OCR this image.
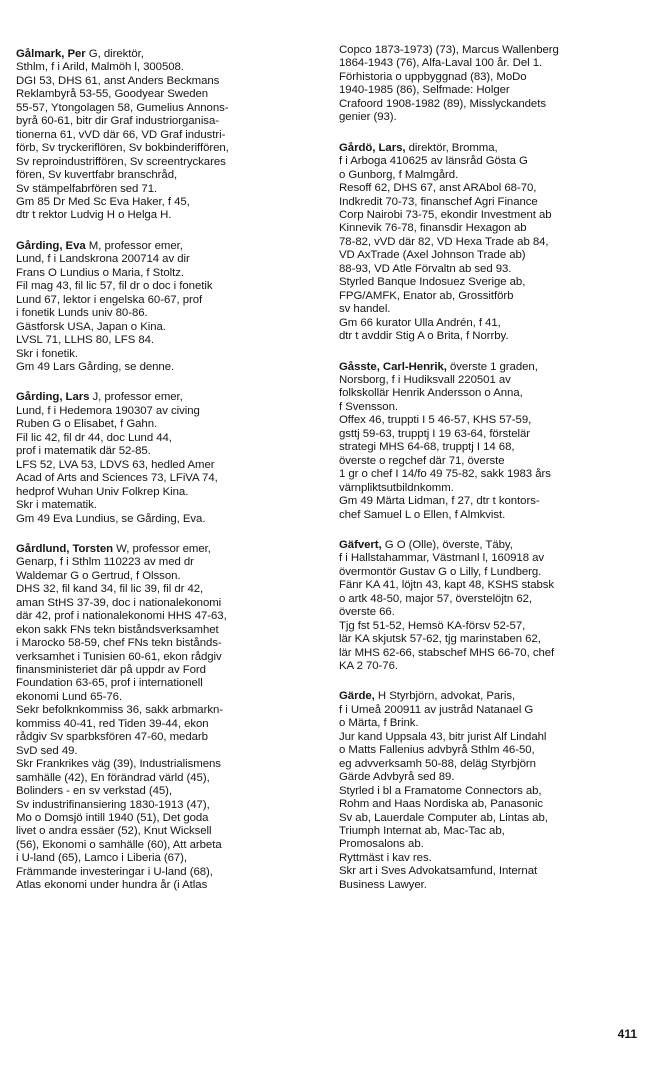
Gålmark, Per G, direktör,
Sthlm, f i Arild, Malmöh l, 300508.
DGI 53, DHS 61, anst Anders Beckmans
Reklambyrå 53-55, Goodyear Sweden
55-57, Ytongolagen 58, Gumelius Annons-
byrå 60-61, bitr dir Graf industriorganisa-
tionerna 61, vVD där 66, VD Graf industri-
förb, Sv tryckeriflören, Sv bokbinderiffören,
Sv reproindustriffören, Sv screentryckares
fören, Sv kuvertfabr branschråd,
Sv stämpelfabrfören sed 71.
Gm 85 Dr Med Sc Eva Haker, f 45,
dtr t rektor Ludvig H o Helga H.
Gårding, Eva M, professor emer,
Lund, f i Landskrona 200714 av dir
Frans O Lundius o Maria, f Stoltz.
Fil mag 43, fil lic 57, fil dr o doc i fonetik
Lund 67, lektor i engelska 60-67, prof
i fonetik Lunds univ 80-86.
Gästforsk USA, Japan o Kina.
LVSL 71, LLHS 80, LFS 84.
Skr i fonetik.
Gm 49 Lars Gårding, se denne.
Gårding, Lars J, professor emer,
Lund, f i Hedemora 190307 av civing
Ruben G o Elisabet, f Gahn.
Fil lic 42, fil dr 44, doc Lund 44,
prof i matematik där 52-85.
LFS 52, LVA 53, LDVS 63, hedled Amer
Acad of Arts and Sciences 73, LFiVA 74,
hedprof Wuhan Univ Folkrep Kina.
Skr i matematik.
Gm 49 Eva Lundius, se Gårding, Eva.
Gårdlund, Torsten W, professor emer,
Genarp, f i Sthlm 110223 av med dr
Waldemar G o Gertrud, f Olsson.
DHS 32, fil kand 34, fil lic 39, fil dr 42,
aman StHS 37-39, doc i nationalekonomi
där 42, prof i nationalekonomi HHS 47-63,
ekon sakk FNs tekn biståndsverksamhet
i Marocko 58-59, chef FNs tekn bistånds-
verksamhet i Tunisien 60-61, ekon rådgiv
finansministeriet där på uppdr av Ford
Foundation 63-65, prof i internationell
ekonomi Lund 65-76.
Sekr befolknkommiss 36, sakk arbmarkn-
kommiss 40-41, red Tiden 39-44, ekon
rådgiv Sv sparbksfören 47-60, medarb
SvD sed 49.
Skr Frankrikes väg (39), Industrialismens
samhälle (42), En förändrad värld (45),
Bolinders - en sv verkstad (45),
Sv industrifinansiering 1830-1913 (47),
Mo o Domsjö intill 1940 (51), Det goda
livet o andra essäer (52), Knut Wicksell
(56), Ekonomi o samhälle (60), Att arbeta
i U-land (65), Lamco i Liberia (67),
Främmande investeringar i U-land (68),
Atlas ekonomi under hundra år (i Atlas
Copco 1873-1973) (73), Marcus Wallenberg
1864-1943 (76), Alfa-Laval 100 år. Del 1.
Förhistoria o uppbyggnad (83), MoDo
1940-1985 (86), Selfmade: Holger
Crafoord 1908-1982 (89), Misslyckandets
genier (93).
Gårdö, Lars, direktör, Bromma,
f i Arboga 410625 av länsråd Gösta G
o Gunborg, f Malmgård.
Resoff 62, DHS 67, anst ARAbol 68-70,
Indkredit 70-73, finanschef Agri Finance
Corp Nairobi 73-75, ekondir Investment ab
Kinnevik 76-78, finansdir Hexagon ab
78-82, vVD där 82, VD Hexa Trade ab 84,
VD AxTrade (Axel Johnson Trade ab)
88-93, VD Atle Förvaltn ab sed 93.
Styrled Banque Indosuez Sverige ab,
FPG/AMFK, Enator ab, Grossitförb
sv handel.
Gm 66 kurator Ulla Andrén, f 41,
dtr t avddir Stig A o Brita, f Norrby.
Gåsste, Carl-Henrik, överste 1 graden,
Norsborg, f i Hudiksvall 220501 av
folkskollär Henrik Andersson o Anna,
f Svensson.
Offex 46, truppti I 5 46-57, KHS 57-59,
gsttj 59-63, trupptj I 19 63-64, förstelär
strategi MHS 64-68, trupptj I 14 68,
överste o regchef där 71, överste
1 gr o chef I 14/fo 49 75-82, sakk 1983 års
värnpliktsutbildnkomm.
Gm 49 Märta Lidman, f 27, dtr t kontors-
chef Samuel L o Ellen, f Almkvist.
Gäfvert, G O (Olle), överste, Täby,
f i Hallstahammar, Västmanl l, 160918 av
övermontör Gustav G o Lilly, f Lundberg.
Fänr KA 41, löjtn 43, kapt 48, KSHS stabsk
o artk 48-50, major 57, överstelöjtn 62,
överste 66.
Tjg fst 51-52, Hemsö KA-försv 52-57,
lär KA skjutsk 57-62, tjg marinstaben 62,
lär MHS 62-66, stabschef MHS 66-70, chef
KA 2 70-76.
Gärde, H Styrbjörn, advokat, Paris,
f i Umeå 200911 av justråd Natanael G
o Märta, f Brink.
Jur kand Uppsala 43, bitr jurist Alf Lindahl
o Matts Fallenius advbyrå Sthlm 46-50,
eg advverksamh 50-88, deläg Styrbjörn
Gärde Advbyrå sed 89.
Styrled i bl a Framatome Connectors ab,
Rohm and Haas Nordiska ab, Panasonic
Sv ab, Lauerdale Computer ab, Lintas ab,
Triumph Internat ab, Mac-Tac ab,
Promosalons ab.
Ryttmäst i kav res.
Skr art i Sves Advokatsamfund, Internat
Business Lawyer.
411
